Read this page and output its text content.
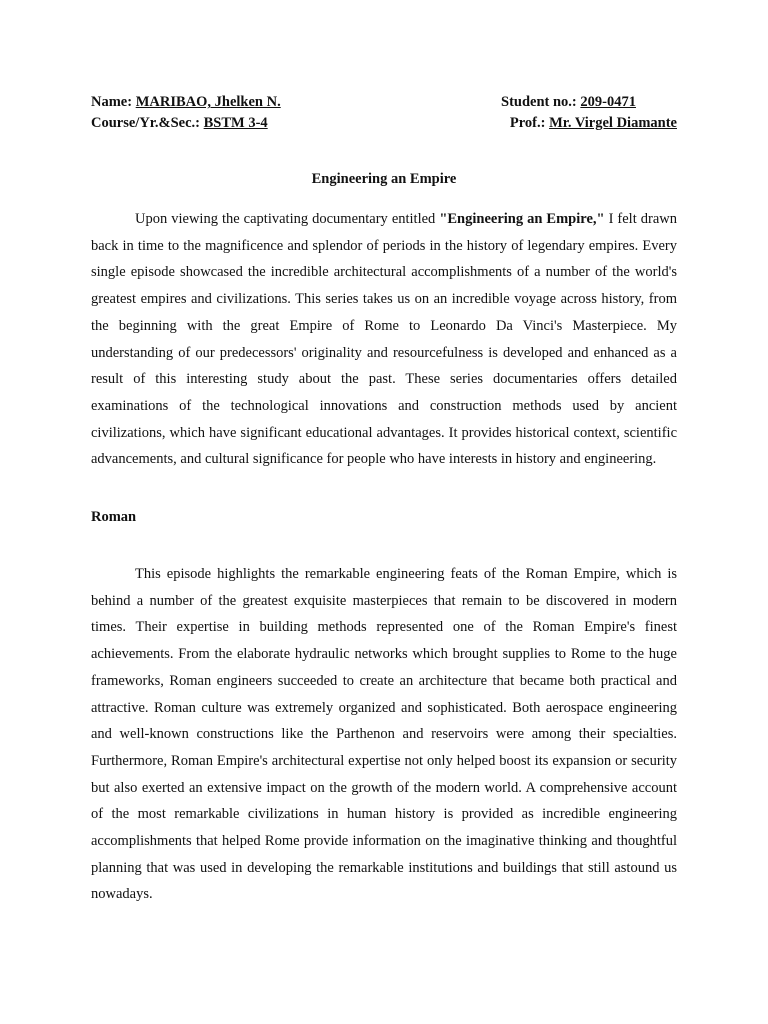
Name: MARIBAO, Jhelken N.	Student no.: 209-0471
Course/Yr.&Sec.: BSTM 3-4	Prof.: Mr. Virgel Diamante
Engineering an Empire

Upon viewing the captivating documentary entitled "Engineering an Empire," I felt drawn back in time to the magnificence and splendor of periods in the history of legendary empires. Every single episode showcased the incredible architectural accomplishments of a number of the world's greatest empires and civilizations. This series takes us on an incredible voyage across history, from the beginning with the great Empire of Rome to Leonardo Da Vinci's Masterpiece. My understanding of our predecessors' originality and resourcefulness is developed and enhanced as a result of this interesting study about the past. These series documentaries offers detailed examinations of the technological innovations and construction methods used by ancient civilizations, which have significant educational advantages. It provides historical context, scientific advancements, and cultural significance for people who have interests in history and engineering.

Roman

This episode highlights the remarkable engineering feats of the Roman Empire, which is behind a number of the greatest exquisite masterpieces that remain to be discovered in modern times. Their expertise in building methods represented one of the Roman Empire's finest achievements. From the elaborate hydraulic networks which brought supplies to Rome to the huge frameworks, Roman engineers succeeded to create an architecture that became both practical and attractive. Roman culture was extremely organized and sophisticated. Both aerospace engineering and well-known constructions like the Parthenon and reservoirs were among their specialties. Furthermore, Roman Empire's architectural expertise not only helped boost its expansion or security but also exerted an extensive impact on the growth of the modern world. A comprehensive account of the most remarkable civilizations in human history is provided as incredible engineering accomplishments that helped Rome provide information on the imaginative thinking and thoughtful planning that was used in developing the remarkable institutions and buildings that still astound us nowadays.
